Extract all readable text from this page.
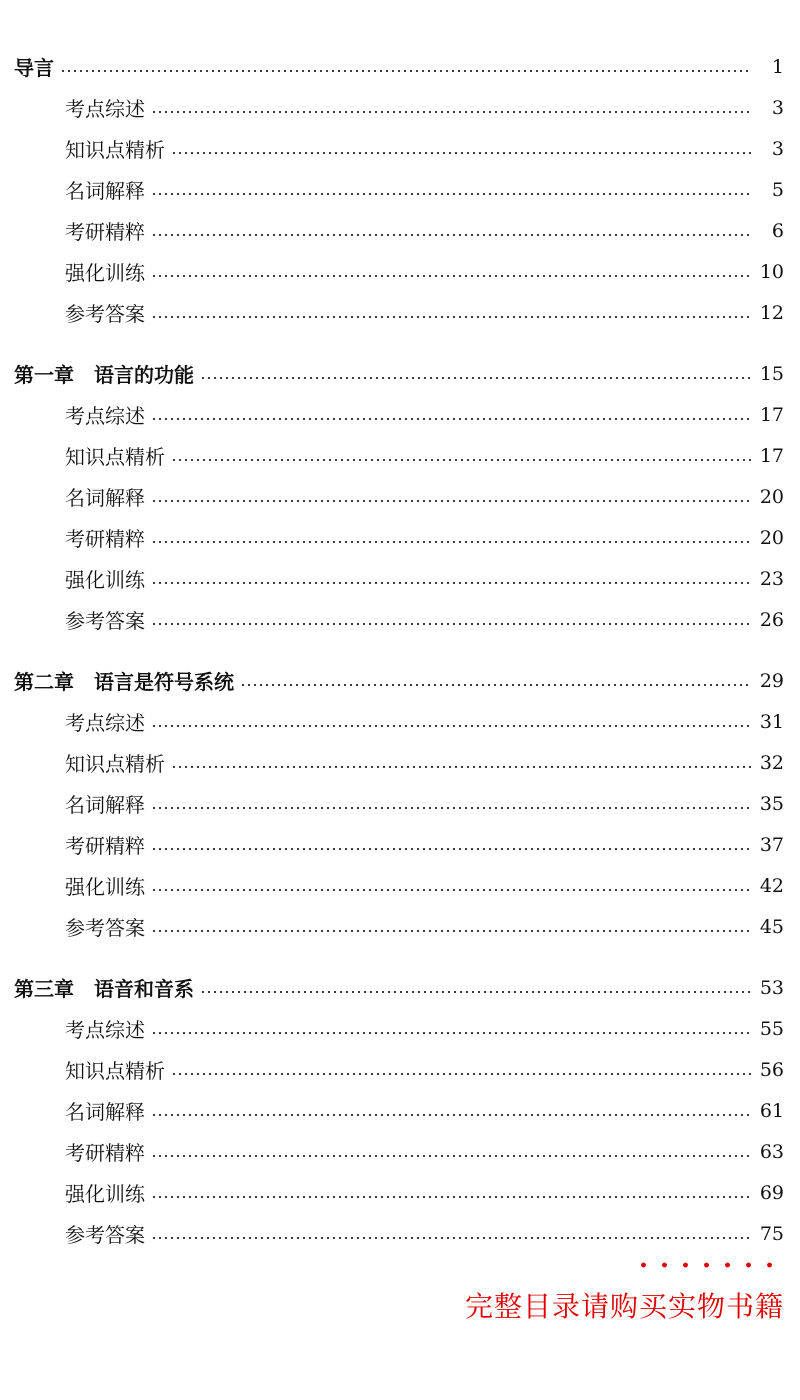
导言	1
考点综述	3
知识点精析	3
名词解释	5
考研精粹	6
强化训练	10
参考答案	12
第一章　语言的功能	15
考点综述	17
知识点精析	17
名词解释	20
考研精粹	20
强化训练	23
参考答案	26
第二章　语言是符号系统	29
考点综述	31
知识点精析	32
名词解释	35
考研精粹	37
强化训练	42
参考答案	45
第三章　语音和音系	53
考点综述	55
知识点精析	56
名词解释	61
考研精粹	63
强化训练	69
参考答案	75
完整目录请购买实物书籍
